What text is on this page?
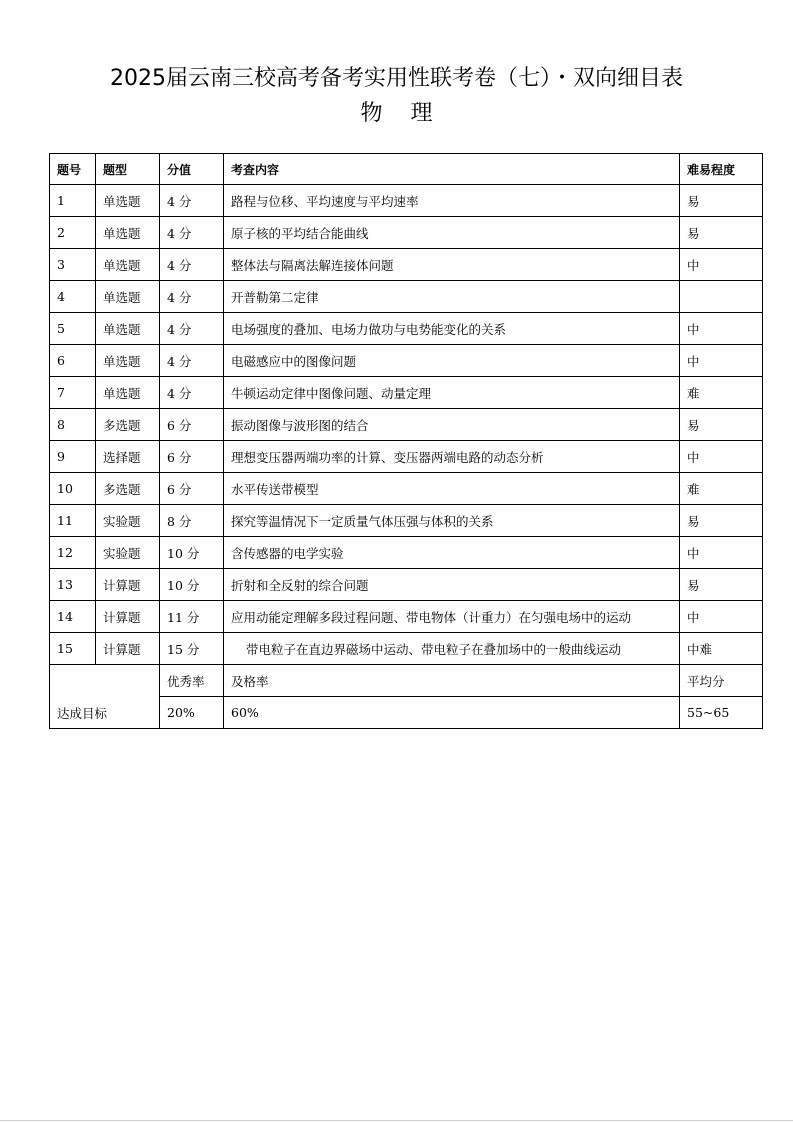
2025届云南三校高考备考实用性联考卷（七）・双向细目表
物理
题号	题型	分值	考查内容	难易程度
1	单选题	4 分	路程与位移、平均速度与平均速率	易
2	单选题	4 分	原子核的平均结合能曲线	易
3	单选题	4 分	整体法与隔离法解连接体问题	中
4	单选题	4 分	开普勒第二定律	
5	单选题	4 分	电场强度的叠加、电场力做功与电势能变化的关系	中
6	单选题	4 分	电磁感应中的图像问题	中
7	单选题	4 分	牛顿运动定律中图像问题、动量定理	难
8	多选题	6 分	振动图像与波形图的结合	易
9	选择题	6 分	理想变压器两端功率的计算、变压器两端电路的动态分析	中
10	多选题	6 分	水平传送带模型	难
11	实验题	8 分	探究等温情况下一定质量气体压强与体积的关系	易
12	实验题	10 分	含传感器的电学实验	中
13	计算题	10 分	折射和全反射的综合问题	易
14	计算题	11 分	应用动能定理解多段过程问题、带电物体（计重力）在匀强电场中的运动	中
15	计算题	15 分	带电粒子在直边界磁场中运动、带电粒子在叠加场中的一般曲线运动	中难
达成目标		优秀率	及格率	平均分
		20%	60%	55~65
